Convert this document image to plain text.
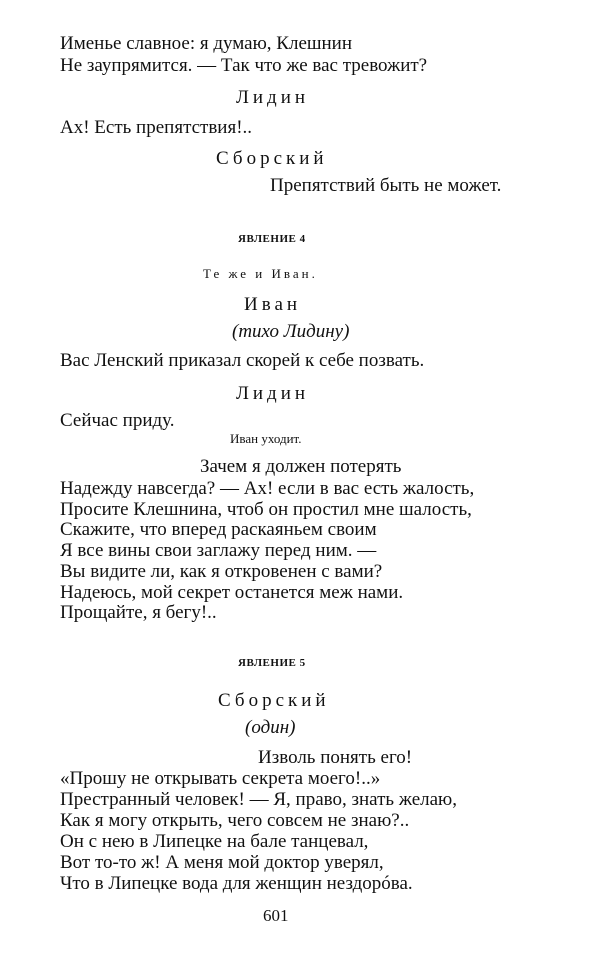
Именье славное: я думаю, Клешнин
Не заупрямится. — Так что же вас тревожит?
Лидин
Ах! Есть препятствия!..
Сборский
Препятствий быть не может.
ЯВЛЕНИЕ 4
Те же и Иван.
Иван
(тихо Лидину)
Вас Ленский приказал скорей к себе позвать.
Лидин
Сейчас приду.
Иван уходит.
Зачем я должен потерять
Надежду навсегда? — Ах! если в вас есть жалость,
Просите Клешнина, чтоб он простил мне шалость,
Скажите, что вперед раскаяньем своим
Я все вины свои заглажу перед ним. —
Вы видите ли, как я откровенен с вами?
Надеюсь, мой секрет останется меж нами.
Прощайте, я бегу!..
ЯВЛЕНИЕ 5
Сборский
(один)
Изволь понять его!
«Прошу не открывать секрета моего!..»
Престранный человек! — Я, право, знать желаю,
Как я могу открыть, чего совсем не знаю?..
Он с нею в Липецке на бале танцевал,
Вот то-то ж! А меня мой доктор уверял,
Что в Липецке вода для женщин нездорóва.
601
